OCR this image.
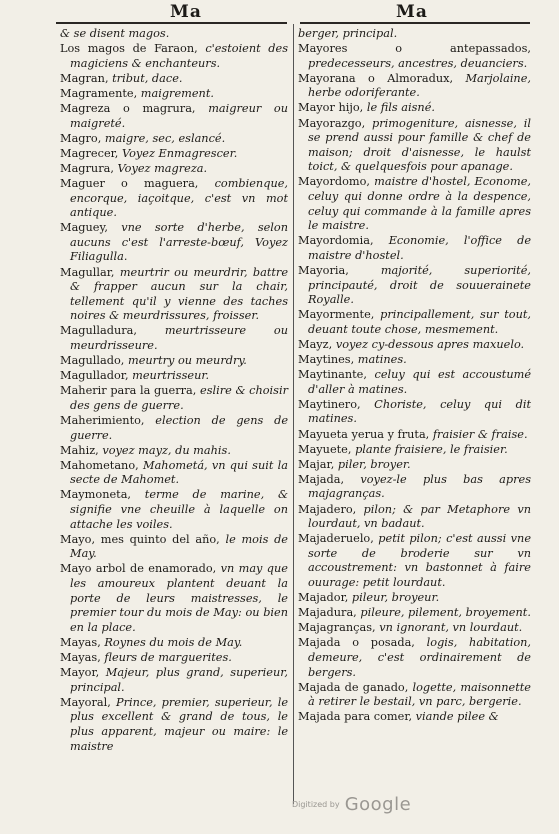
Ma	Ma

& se disent magos.

Los magos de Faraon, c'estoient des magiciens & enchanteurs.

Magran, tribut, dace.

Magramente, maigrement.

Magreza o magrura, maigreur ou maigreté.

Magro, maigre, sec, eslancé.

Magrecer, Voyez Enmagrescer.

Magrura, Voyez magreza.

Maguer o maguera, combienque, encorque, iaçoitque, c'est vn mot antique.

Maguey, vne sorte d'herbe, selon aucuns c'est l'arreste-bœuf, Voyez Filiagulla.

Magullar, meurtrir ou meurdrir, battre & frapper aucun sur la chair, tellement qu'il y vienne des taches noires & meurdrissures, froisser.

Magulladura, meurtrisseure ou meurdrisseure.

Magullado, meurtry ou meurdry.

Magullador, meurtrisseur.

Maherir para la guerra, eslire & choisir des gens de guerre.

Maherimiento, election de gens de guerre.

Mahiz, voyez mayz, du mahis.

Mahometano, Mahometá, vn qui suit la secte de Mahomet.

Maymoneta, terme de marine, & signifie vne cheuille à laquelle on attache les voiles.

Mayo, mes quinto del año, le mois de May.

Mayo arbol de enamorado, vn may que les amoureux plantent deuant la porte de leurs maistresses, le premier tour du mois de May: ou bien en la place.

Mayas, Roynes du mois de May.

Mayas, fleurs de marguerites.

Mayor, Majeur, plus grand, superieur, principal.

Mayoral, Prince, premier, superieur, le plus excellent & grand de tous, le plus apparent, majeur ou maire: le maistre

berger, principal.

Mayores o antepassados, predecesseurs, ancestres, deuanciers.

Mayorana o Almoradux, Marjolaine, herbe odoriferante.

Mayor hijo, le fils aisné.

Mayorazgo, primogeniture, aisnesse, il se prend aussi pour famille & chef de maison; droit d'aisnesse, le haulst toict, & quelquesfois pour apanage.

Mayordomo, maistre d'hostel, Econome, celuy qui donne ordre à la despence, celuy qui commande à la famille apres le maistre.

Mayordomia, Economie, l'office de maistre d'hostel.

Mayoria,	majorité, superiorité, principauté, droit de souuerainete Royalle.

Mayormente, principallement, sur tout, deuant toute chose, mesmement.

Mayz, voyez cy-dessous apres maxuelo.

Maytines, matines.

Maytinante, celuy qui est accoustumé d'aller à matines.

Maytinero, Choriste, celuy qui dit matines.

Mayueta yerua y fruta, fraisier & fraise.

Mayuete, plante fraisiere, le fraisier.

Majar, piler, broyer.

Majada, voyez-le plus bas apres majagranças.

Majadero, pilon; & par Metaphore vn lourdaut, vn badaut.

Majaderuelo, petit pilon; c'est aussi vne sorte de broderie sur vn accoustrement: vn bastonnet à faire ouurage: petit lourdaut.

Majador, pileur, broyeur.

Majadura, pileure, pilement, broyement.

Majagranças, vn ignorant, vn lourdaut.

Majada o posada, logis, habitation, demeure, c'est ordinairement de bergers.

Majada de ganado, logette, maisonnette à retirer le bestail, vn parc, bergerie.

Majada para comer, viande pilee &

Digitized by Google
